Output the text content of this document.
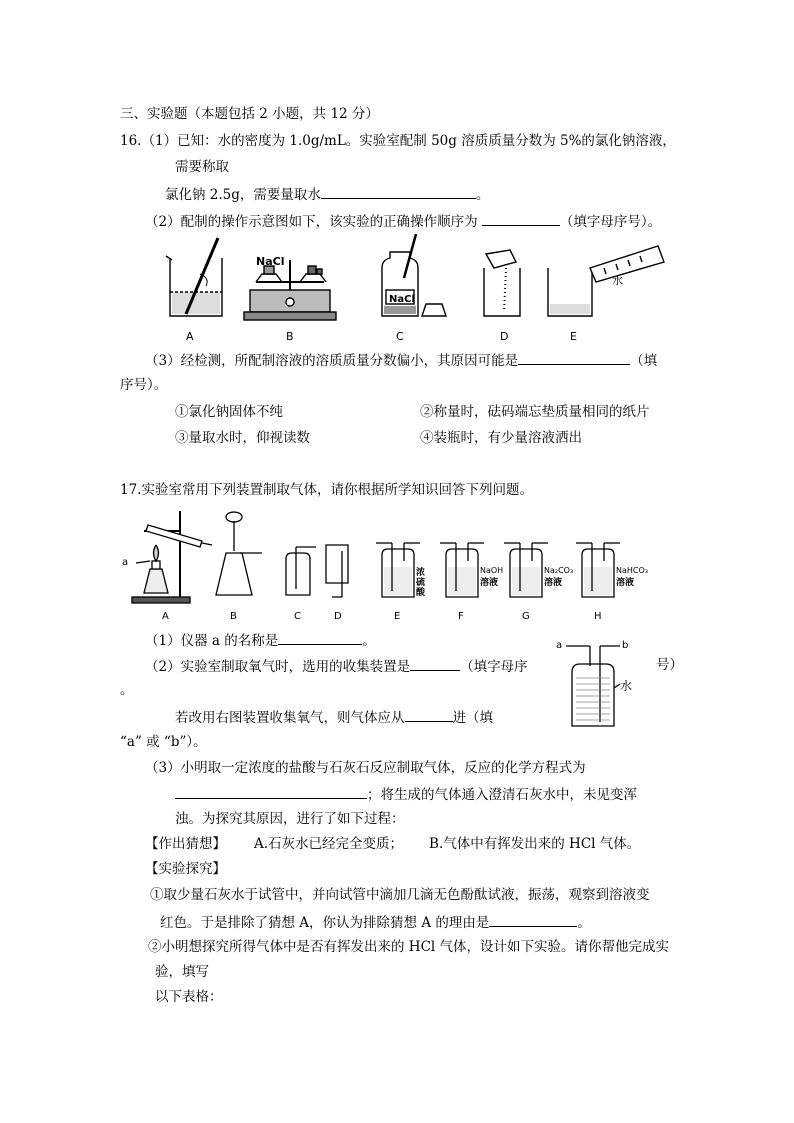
三、实验题（本题包括 2 小题，共 12 分）
16.（1）已知：水的密度为 1.0g/mL。实验室配制 50g 溶质质量分数为 5%的氯化钠溶液，
需要称取
氯化钠 2.5g，需要量取水	。
（2）配制的操作示意图如下，该实验的正确操作顺序为	（填字母序号）。
NaCl
NaCl
水
A	B	C	D	E
（3）经检测，所配制溶液的溶质质量分数偏小，其原因可能是	（填
序号）。
①氯化钠固体不纯	②称量时，砝码端忘垫质量相同的纸片
③量取水时，仰视读数	④装瓶时，有少量溶液洒出
17.实验室常用下列装置制取气体，请你根据所学知识回答下列问题。
a
浓硫酸
NaOH
溶液
Na₂CO₃
溶液
NaHCO₃
溶液
A	B	C	D	E	F	G	H
（1）仪器 a 的名称是	。
（2）实验室制取氧气时，选用的收集装置是	（填字母序	号）
。
a	b
水
若改用右图装置收集氧气，则气体应从	进（填
“a” 或 “b”）。
（3）小明取一定浓度的盐酸与石灰石反应制取气体，反应的化学方程式为
；将生成的气体通入澄清石灰水中，未见变浑
浊。为探究其原因，进行了如下过程：
【作出猜想】 A.石灰水已经完全变质； B.气体中有挥发出来的 HCl 气体。
【实验探究】
①取少量石灰水于试管中，并向试管中滴加几滴无色酚酞试液，振荡，观察到溶液变
红色。于是排除了猜想 A，你认为排除猜想 A 的理由是	。
②小明想探究所得气体中是否有挥发出来的 HCl 气体，设计如下实验。请你帮他完成实
验，填写
以下表格：
